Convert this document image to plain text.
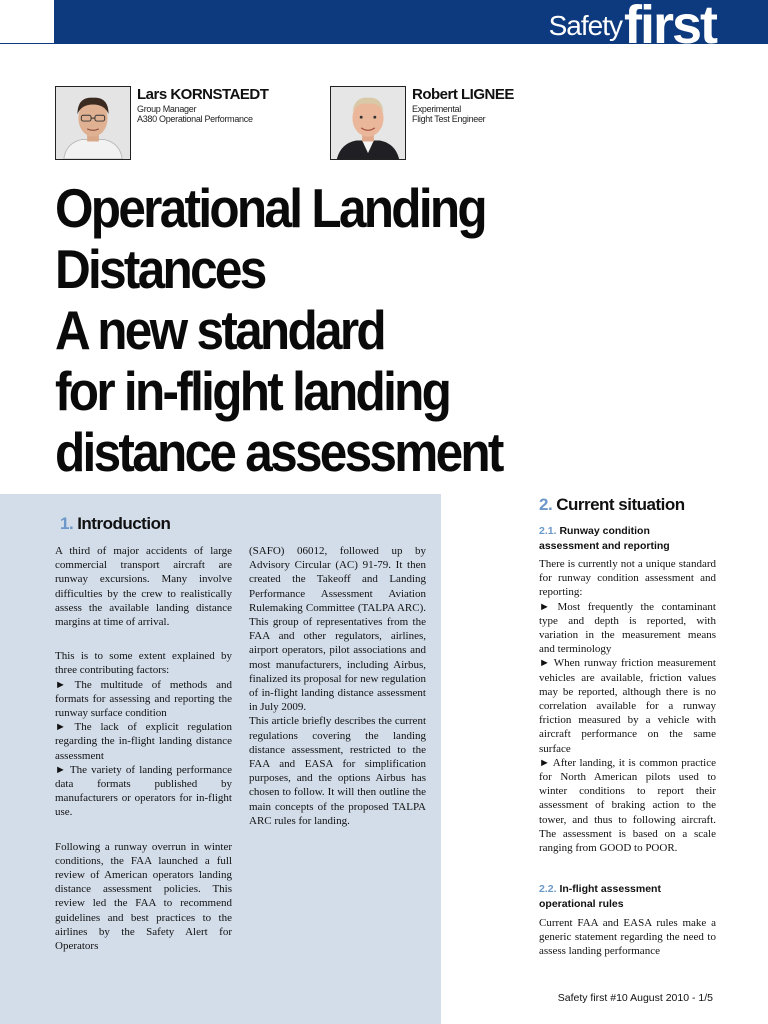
Safety first
Lars KORNSTAEDT
Group Manager
A380 Operational Performance
Robert LIGNEE
Experimental
Flight Test Engineer
Operational Landing
Distances
A new standard
for in-flight landing
distance assessment
1. Introduction

A third of major accidents of large commercial transport aircraft are runway excursions. Many involve difficulties by the crew to realistically assess the available landing distance margins at time of arrival.

This is to some extent explained by three contributing factors:

► The multitude of methods and formats for assessing and reporting the runway surface condition

► The lack of explicit regulation regarding the in-flight landing distance assessment

► The variety of landing performance data formats published by manufacturers or operators for in-flight use.

Following a runway overrun in winter conditions, the FAA launched a full review of American operators landing distance assessment policies. This review led the FAA to recommend guidelines and best practices to the airlines by the Safety Alert for Operators

(SAFO) 06012, followed up by Advisory Circular (AC) 91-79. It then created the Takeoff and Landing Performance Assessment Aviation Rulemaking Committee (TALPA ARC). This group of representatives from the FAA and other regulators, airlines, airport operators, pilot associations and most manufacturers, including Airbus, finalized its proposal for new regulation of in-flight landing distance assessment in July 2009.

This article briefly describes the current regulations covering the landing distance assessment, restricted to the FAA and EASA for simplification purposes, and the options Airbus has chosen to follow. It will then outline the main concepts of the proposed TALPA ARC rules for landing.

2. Current situation
2.1. Runway condition
assessment and reporting

There is currently not a unique standard for runway condition assessment and reporting:

► Most frequently the contaminant type and depth is reported, with variation in the measurement means and terminology

► When runway friction measurement vehicles are available, friction values may be reported, although there is no correlation available for a runway friction measured by a vehicle with aircraft performance on the same surface

► After landing, it is common practice for North American pilots used to winter conditions to report their assessment of braking action to the tower, and thus to following aircraft. The assessment is based on a scale ranging from GOOD to POOR.

2.2. In-flight assessment
operational rules

Current FAA and EASA rules make a generic statement regarding the need to assess landing performance

Safety first #10 August 2010 - 1/5
